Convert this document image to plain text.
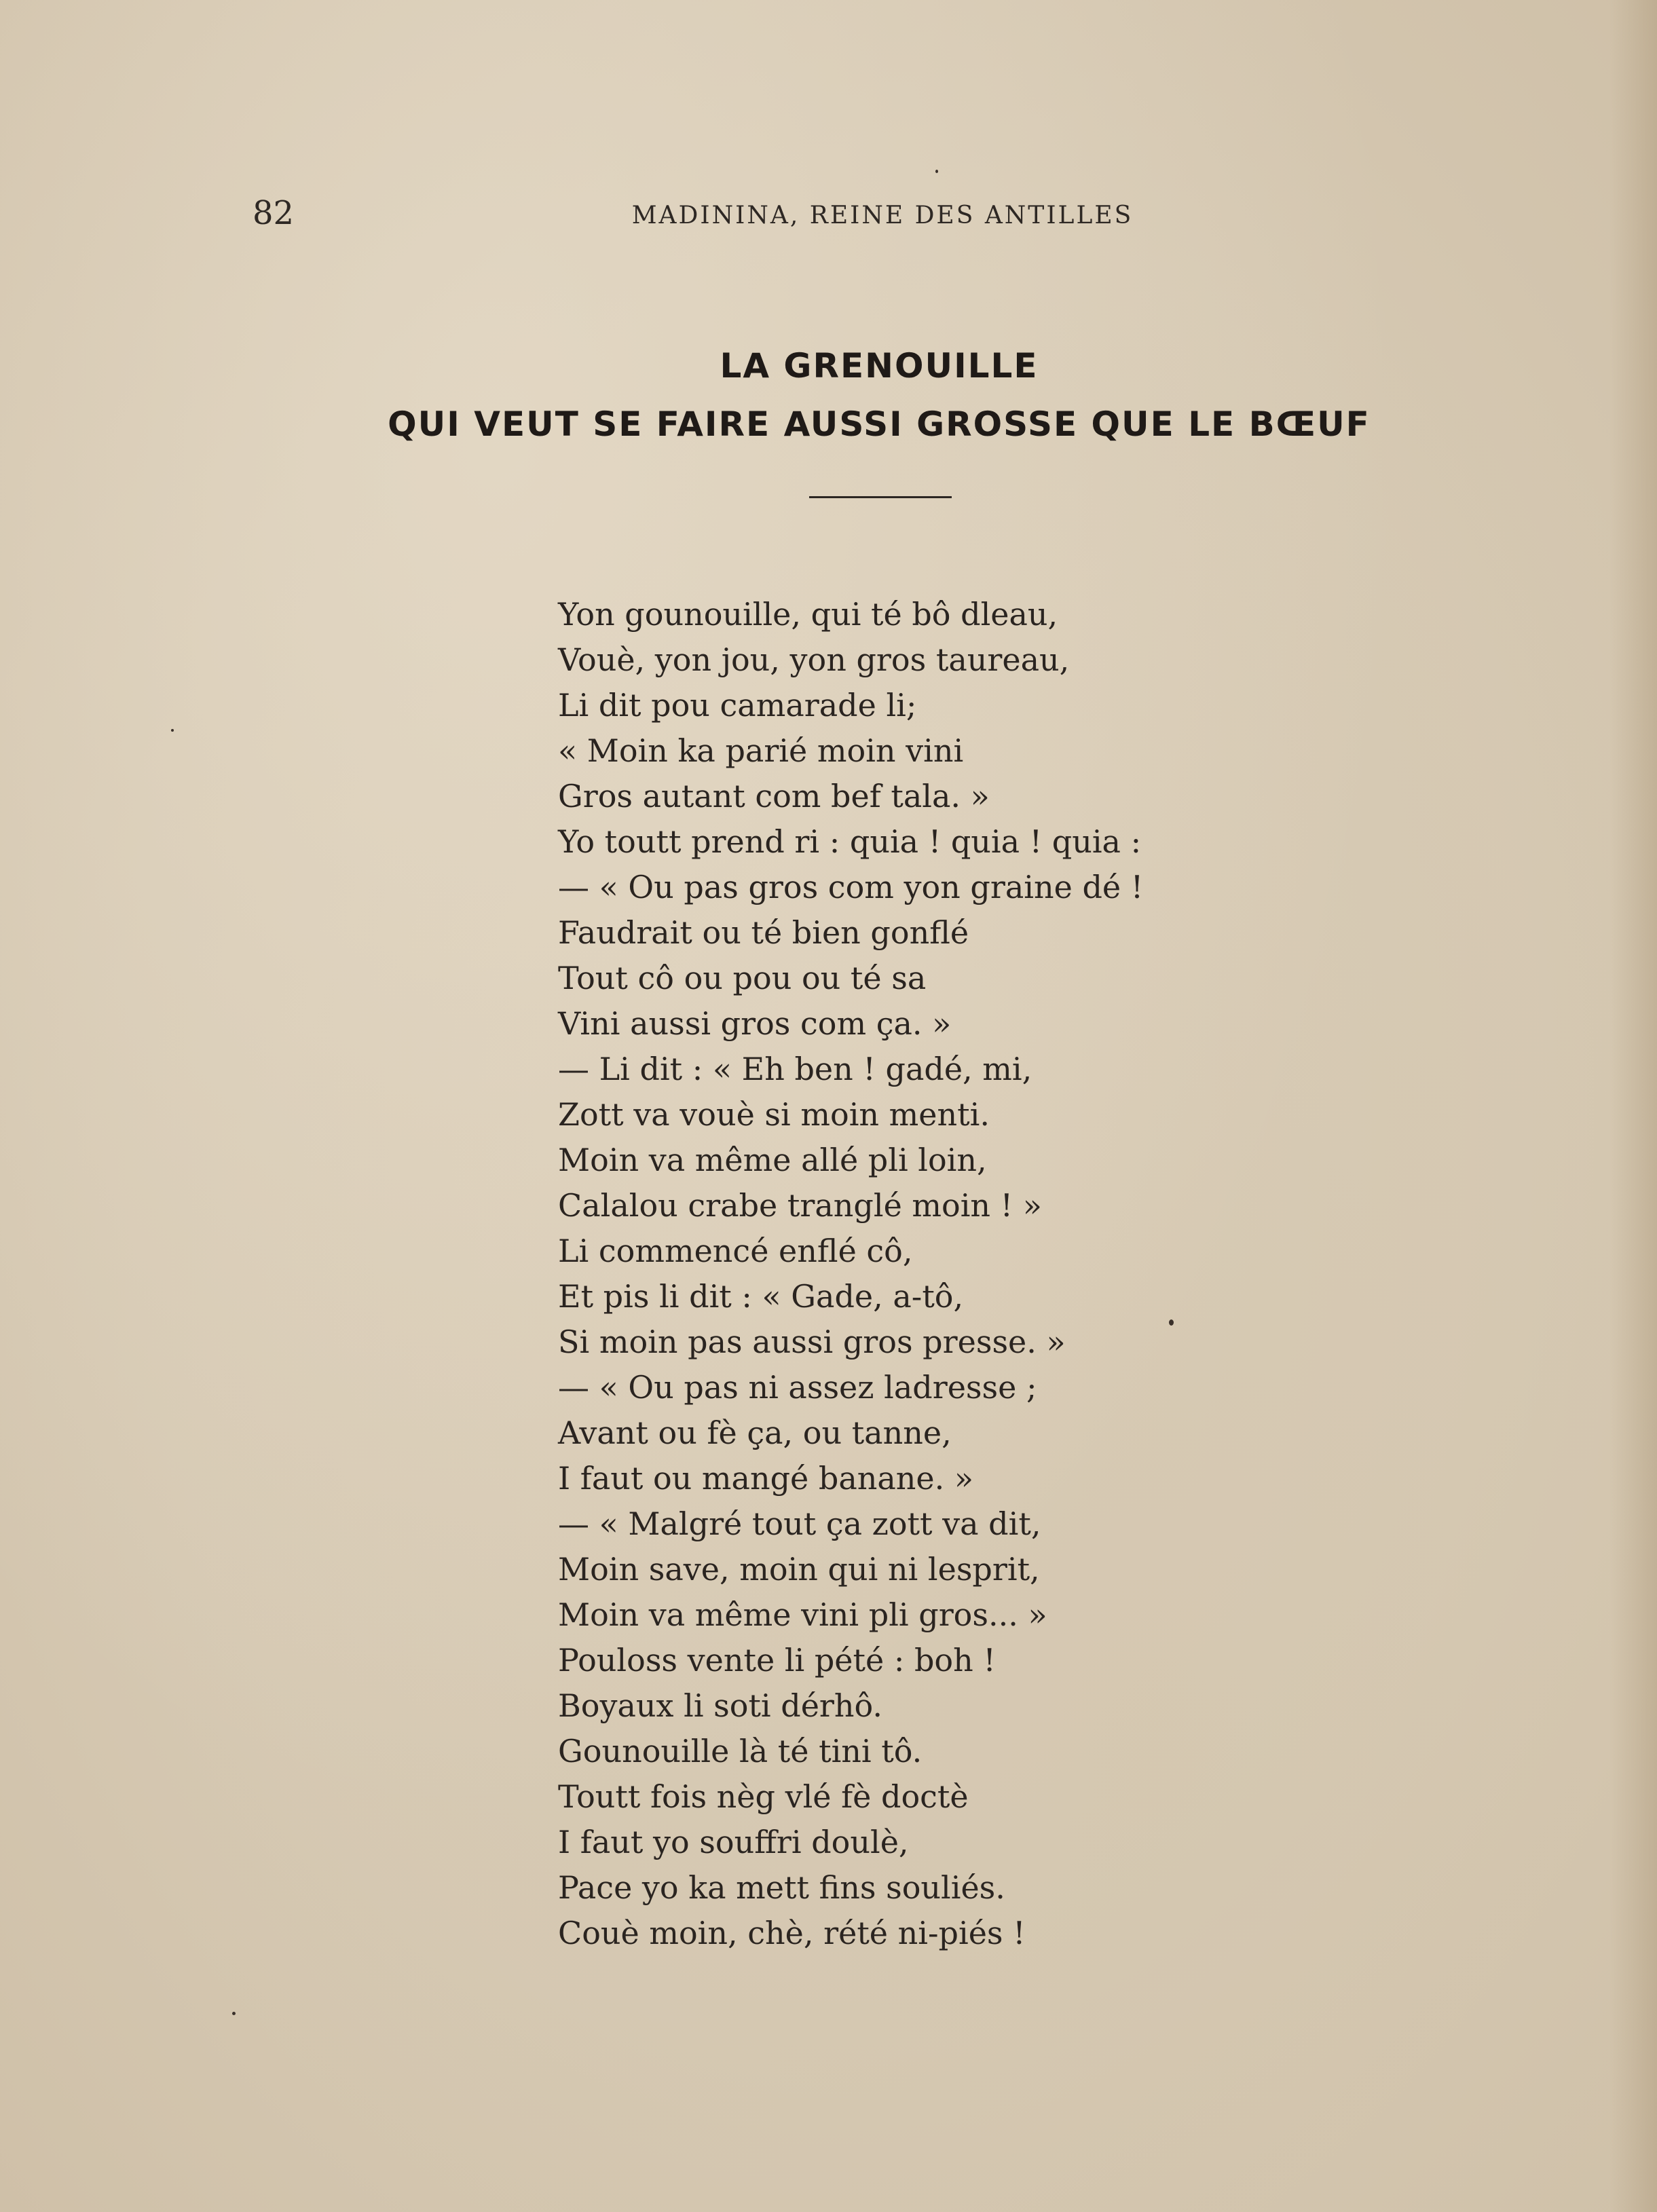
82	MADININA, REINE DES ANTILLES

LA GRENOUILLE
QUI VEUT SE FAIRE AUSSI GROSSE QUE LE BŒUF
Yon gounouille, qui té bô dleau,
Vouè, yon jou, yon gros taureau,
Li dit pou camarade li;
« Moin ka parié moin vini
Gros autant com bef tala. »
Yo toutt prend ri : quia ! quia ! quia :
— « Ou pas gros com yon graine dé !
Faudrait ou té bien gonflé
Tout cô ou pou ou té sa
Vini aussi gros com ça. »
— Li dit : « Eh ben ! gadé, mi,
Zott va vouè si moin menti.
Moin va même allé pli loin,
Calalou crabe tranglé moin ! »
Li commencé enflé cô,
Et pis li dit : « Gade, a-tô,
Si moin pas aussi gros presse. »
— « Ou pas ni assez ladresse ;
Avant ou fè ça, ou tanne,
I faut ou mangé banane. »
— « Malgré tout ça zott va dit,
Moin save, moin qui ni lesprit,
Moin va même vini pli gros... »
Pouloss vente li pété : boh !
Boyaux li soti dérhô.
Gounouille là té tini tô.
Toutt fois nèg vlé fè doctè
I faut yo souffri doulè,
Pace yo ka mett fins souliés.
Couè moin, chè, rété ni-piés !
